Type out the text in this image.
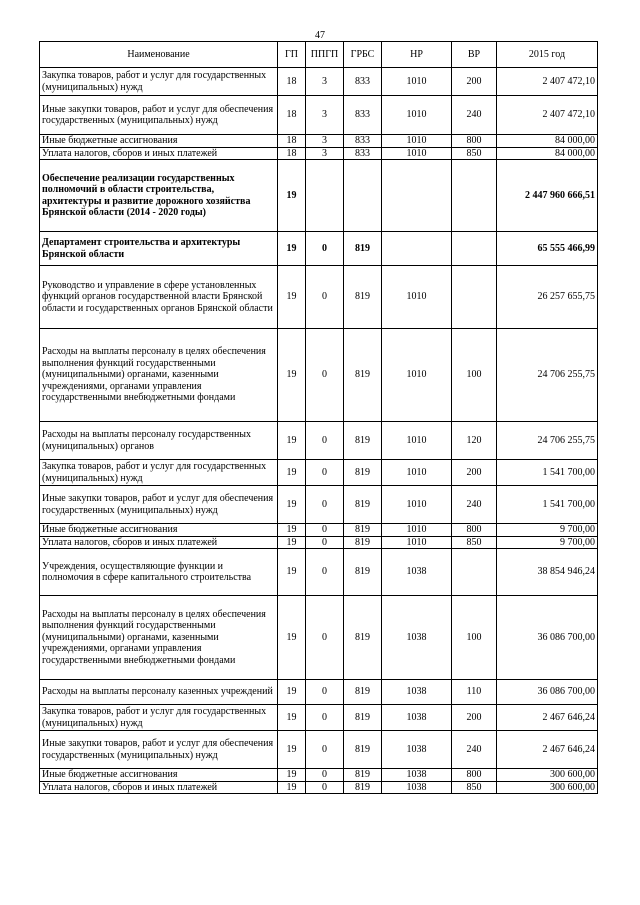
47
Наименование	ГП	ППГП	ГРБС	НР	ВР	2015 год
Закупка товаров, работ и услуг для государственных (муниципальных) нужд	18	3	833	1010	200	2 407 472,10
Иные закупки товаров, работ и услуг для обеспечения государственных (муниципальных) нужд	18	3	833	1010	240	2 407 472,10
Иные бюджетные ассигнования	18	3	833	1010	800	84 000,00
Уплата налогов, сборов и иных платежей	18	3	833	1010	850	84 000,00
Обеспечение реализации государственных полномочий в области строительства, архитектуры и развитие дорожного хозяйства Брянской области (2014 - 2020 годы)	19					2 447 960 666,51
Департамент строительства и архитектуры Брянской области	19	0	819			65 555 466,99
Руководство и управление в сфере установленных функций органов государственной власти Брянской области и государственных органов Брянской области	19	0	819	1010		26 257 655,75
Расходы на выплаты персоналу в целях обеспечения выполнения функций государственными (муниципальными) органами, казенными учреждениями, органами управления государственными внебюджетными фондами	19	0	819	1010	100	24 706 255,75
Расходы на выплаты персоналу государственных (муниципальных) органов	19	0	819	1010	120	24 706 255,75
Закупка товаров, работ и услуг для государственных (муниципальных) нужд	19	0	819	1010	200	1 541 700,00
Иные закупки товаров, работ и услуг для обеспечения государственных (муниципальных) нужд	19	0	819	1010	240	1 541 700,00
Иные бюджетные ассигнования	19	0	819	1010	800	9 700,00
Уплата налогов, сборов и иных платежей	19	0	819	1010	850	9 700,00
Учреждения, осуществляющие функции и полномочия в сфере капитального строительства	19	0	819	1038		38 854 946,24
Расходы на выплаты персоналу в целях обеспечения выполнения функций государственными (муниципальными) органами, казенными учреждениями, органами управления государственными внебюджетными фондами	19	0	819	1038	100	36 086 700,00
Расходы на выплаты персоналу казенных учреждений	19	0	819	1038	110	36 086 700,00
Закупка товаров, работ и услуг для государственных (муниципальных) нужд	19	0	819	1038	200	2 467 646,24
Иные закупки товаров, работ и услуг для обеспечения государственных (муниципальных) нужд	19	0	819	1038	240	2 467 646,24
Иные бюджетные ассигнования	19	0	819	1038	800	300 600,00
Уплата налогов, сборов и иных платежей	19	0	819	1038	850	300 600,00
